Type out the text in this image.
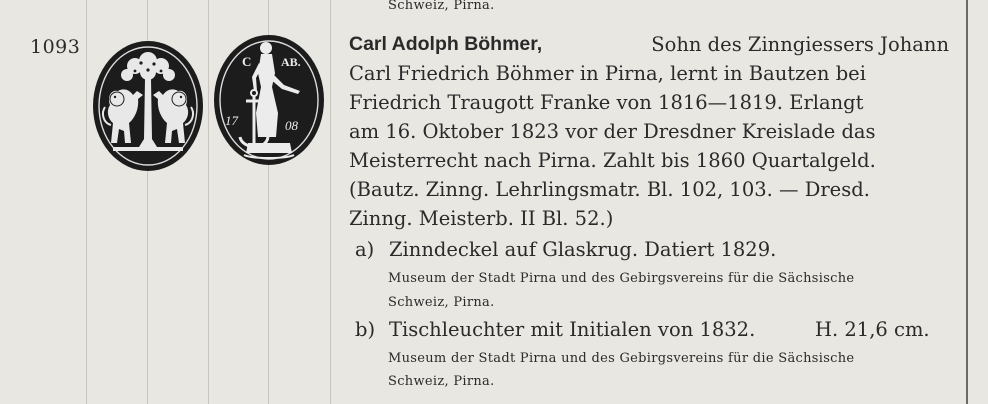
Schweiz, Pirna.
1093
C AB.
17	08
Carl Adolph Böhmer,	Sohn des Zinngiessers Johann
Carl Friedrich Böhmer in Pirna, lernt in Bautzen bei
Friedrich Traugott Franke von 1816—1819. Erlangt
am 16. Oktober 1823 vor der Dresdner Kreislade das
Meisterrecht nach Pirna. Zahlt bis 1860 Quartalgeld.
(Bautz. Zinng. Lehrlingsmatr. Bl. 102, 103. — Dresd.
Zinng. Meisterb. II Bl. 52.)
a) Zinndeckel auf Glaskrug. Datiert 1829.
Museum der Stadt Pirna und des Gebirgsvereins für die Sächsische
Schweiz, Pirna.
b) Tischleuchter mit Initialen von 1832.	H. 21,6 cm.
Museum der Stadt Pirna und des Gebirgsvereins für die Sächsische
Schweiz, Pirna.
